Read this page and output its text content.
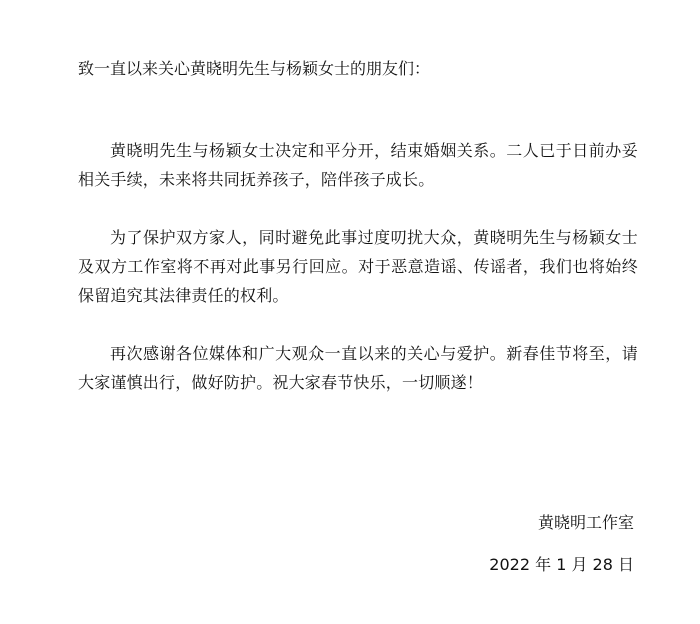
致一直以来关心黄晓明先生与杨颖女士的朋友们：
黄晓明先生与杨颖女士决定和平分开，结束婚姻关系。二人已于日前办妥相关手续，未来将共同抚养孩子，陪伴孩子成长。
为了保护双方家人，同时避免此事过度叨扰大众，黄晓明先生与杨颖女士及双方工作室将不再对此事另行回应。对于恶意造谣、传谣者，我们也将始终保留追究其法律责任的权利。
再次感谢各位媒体和广大观众一直以来的关心与爱护。新春佳节将至，请大家谨慎出行，做好防护。祝大家春节快乐，一切顺遂！
黄晓明工作室
2022 年 1 月 28 日
